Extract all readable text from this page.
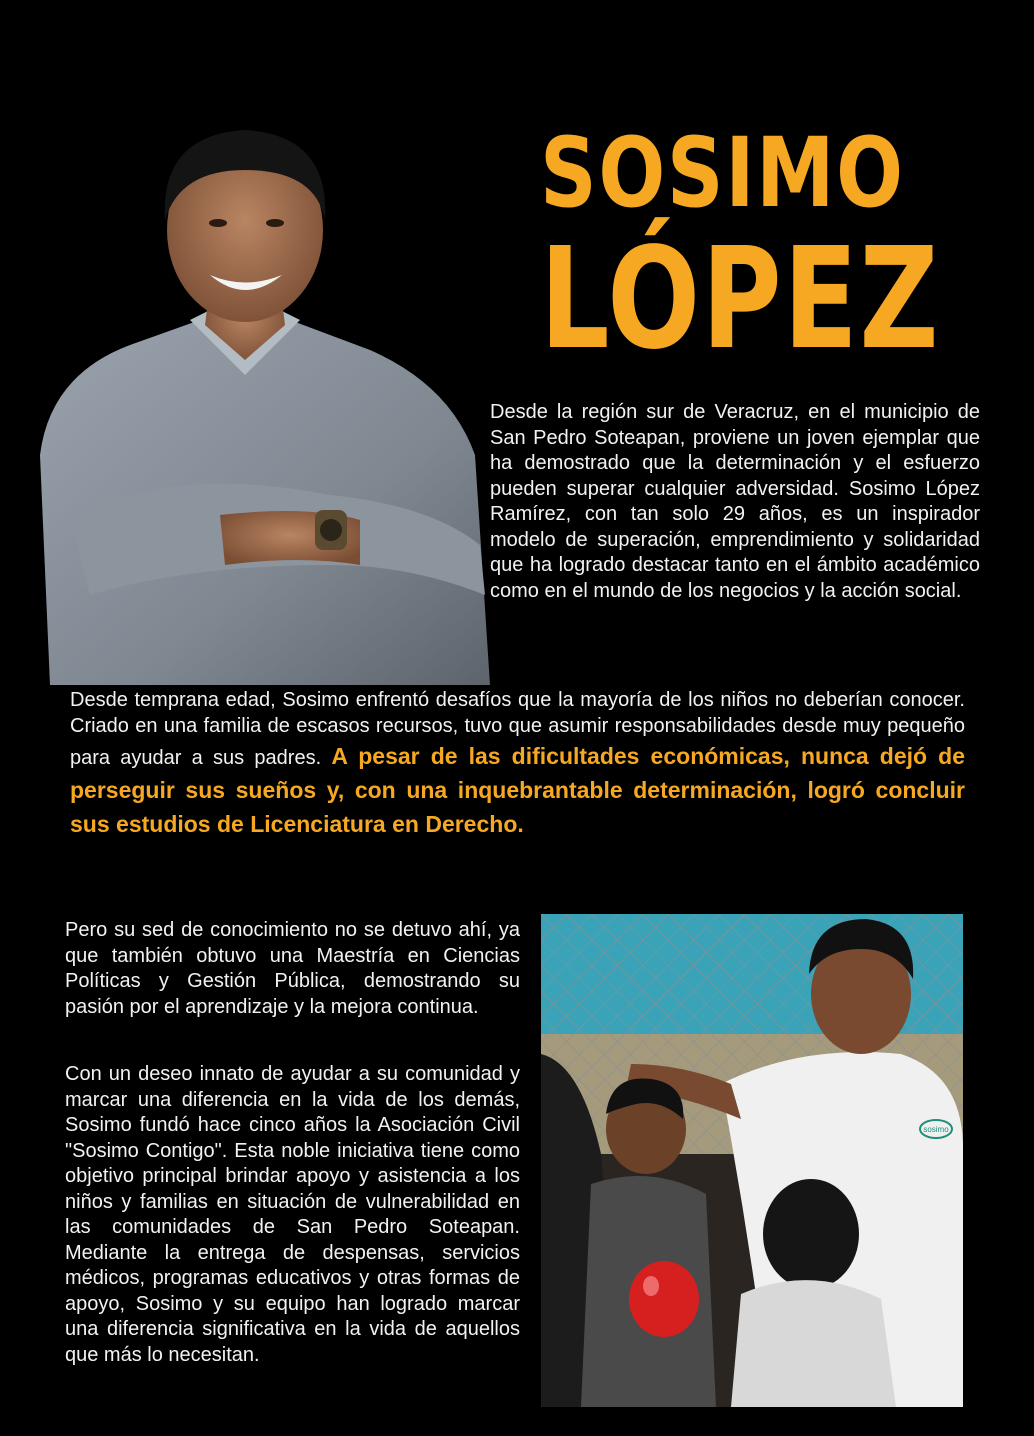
SOSIMO
LÓPEZ
Desde la región sur de Veracruz, en el municipio de San Pedro Soteapan, proviene un joven ejemplar que ha demostrado que la determinación y el esfuerzo pueden superar cualquier adversidad. Sosimo López Ramírez, con tan solo 29 años, es un inspirador modelo de superación, emprendimiento y solidaridad que ha logrado destacar tanto en el ámbito académico como en el mundo de los negocios y la acción social.
Desde temprana edad, Sosimo enfrentó desafíos que la mayoría de los niños no deberían conocer. Criado en una familia de escasos recursos, tuvo que asumir responsabilidades desde muy pequeño para ayudar a sus padres. A pesar de las dificultades económicas, nunca dejó de perseguir sus sueños y, con una inquebrantable determinación, logró concluir sus estudios de Licenciatura en Derecho.
Pero su sed de conocimiento no se detuvo ahí, ya que también obtuvo una Maestría en Ciencias Políticas y Gestión Pública, demostrando su pasión por el aprendizaje y la mejora continua.
Con un deseo innato de ayudar a su comunidad y marcar una diferencia en la vida de los demás, Sosimo fundó hace cinco años la Asociación Civil "Sosimo Contigo". Esta noble iniciativa tiene como objetivo principal brindar apoyo y asistencia a los niños y familias en situación de vulnerabilidad en las comunidades de San Pedro Soteapan. Mediante la entrega de despensas, servicios médicos, programas educativos y otras formas de apoyo, Sosimo y su equipo han logrado marcar una diferencia significativa en la vida de aquellos que más lo necesitan.
sosimo
